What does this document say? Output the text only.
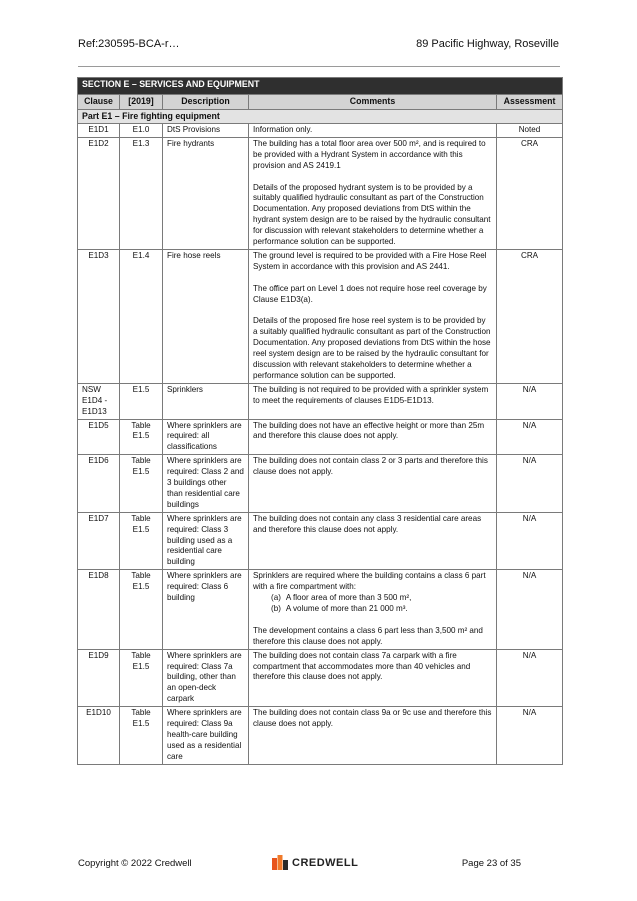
Ref:230595-BCA-r…	89 Pacific Highway, Roseville
SECTION E – SERVICES AND EQUIPMENT				
Clause	[2019]	Description	Comments	Assessment
Part E1 – Fire fighting equipment				
E1D1	E1.0	DtS Provisions	Information only.	Noted
E1D2	E1.3	Fire hydrants	The building has a total floor area over 500 m², and is required to be provided with a Hydrant System in accordance with this provision and AS 2419.1

Details of the proposed hydrant system is to be provided by a suitably qualified hydraulic consultant as part of the Construction Documentation. Any proposed deviations from DtS within the hydrant system design are to be raised by the hydraulic consultant for discussion with relevant stakeholders to determine whether a performance solution can be supported.	CRA
E1D3	E1.4	Fire hose reels	The ground level is required to be provided with a Fire Hose Reel System in accordance with this provision and AS 2441.

The office part on Level 1 does not require hose reel coverage by Clause E1D3(a).

Details of the proposed fire hose reel system is to be provided by a suitably qualified hydraulic consultant as part of the Construction Documentation. Any proposed deviations from DtS within the hose reel system design are to be raised by the hydraulic consultant for discussion with relevant stakeholders to determine whether a performance solution can be supported.	CRA
NSW E1D4 - E1D13	E1.5	Sprinklers	The building is not required to be provided with a sprinkler system to meet the requirements of clauses E1D5-E1D13.	N/A
E1D5	Table E1.5	Where sprinklers are required: all classifications	The building does not have an effective height or more than 25m and therefore this clause does not apply.	N/A
E1D6	Table E1.5	Where sprinklers are required: Class 2 and 3 buildings other than residential care buildings	The building does not contain class 2 or 3 parts and therefore this clause does not apply.	N/A
E1D7	Table E1.5	Where sprinklers are required: Class 3 building used as a residential care building	The building does not contain any class 3 residential care areas and therefore this clause does not apply.	N/A
E1D8	Table E1.5	Where sprinklers are required: Class 6 building	Sprinklers are required where the building contains a class 6 part with a fire compartment with:
(a) A floor area of more than 3 500 m²,
(b) A volume of more than 21 000 m³.
The development contains a class 6 part less than 3,500 m² and therefore this clause does not apply.	N/A
E1D9	Table E1.5	Where sprinklers are required: Class 7a building, other than an open-deck carpark	The building does not contain class 7a carpark with a fire compartment that accommodates more than 40 vehicles and therefore this clause does not apply.	N/A
E1D10	Table E1.5	Where sprinklers are required: Class 9a health-care building used as a residential care	The building does not contain class 9a or 9c use and therefore this clause does not apply.	N/A
Copyright © 2022 Credwell	CREDWELL	Page 23 of 35
